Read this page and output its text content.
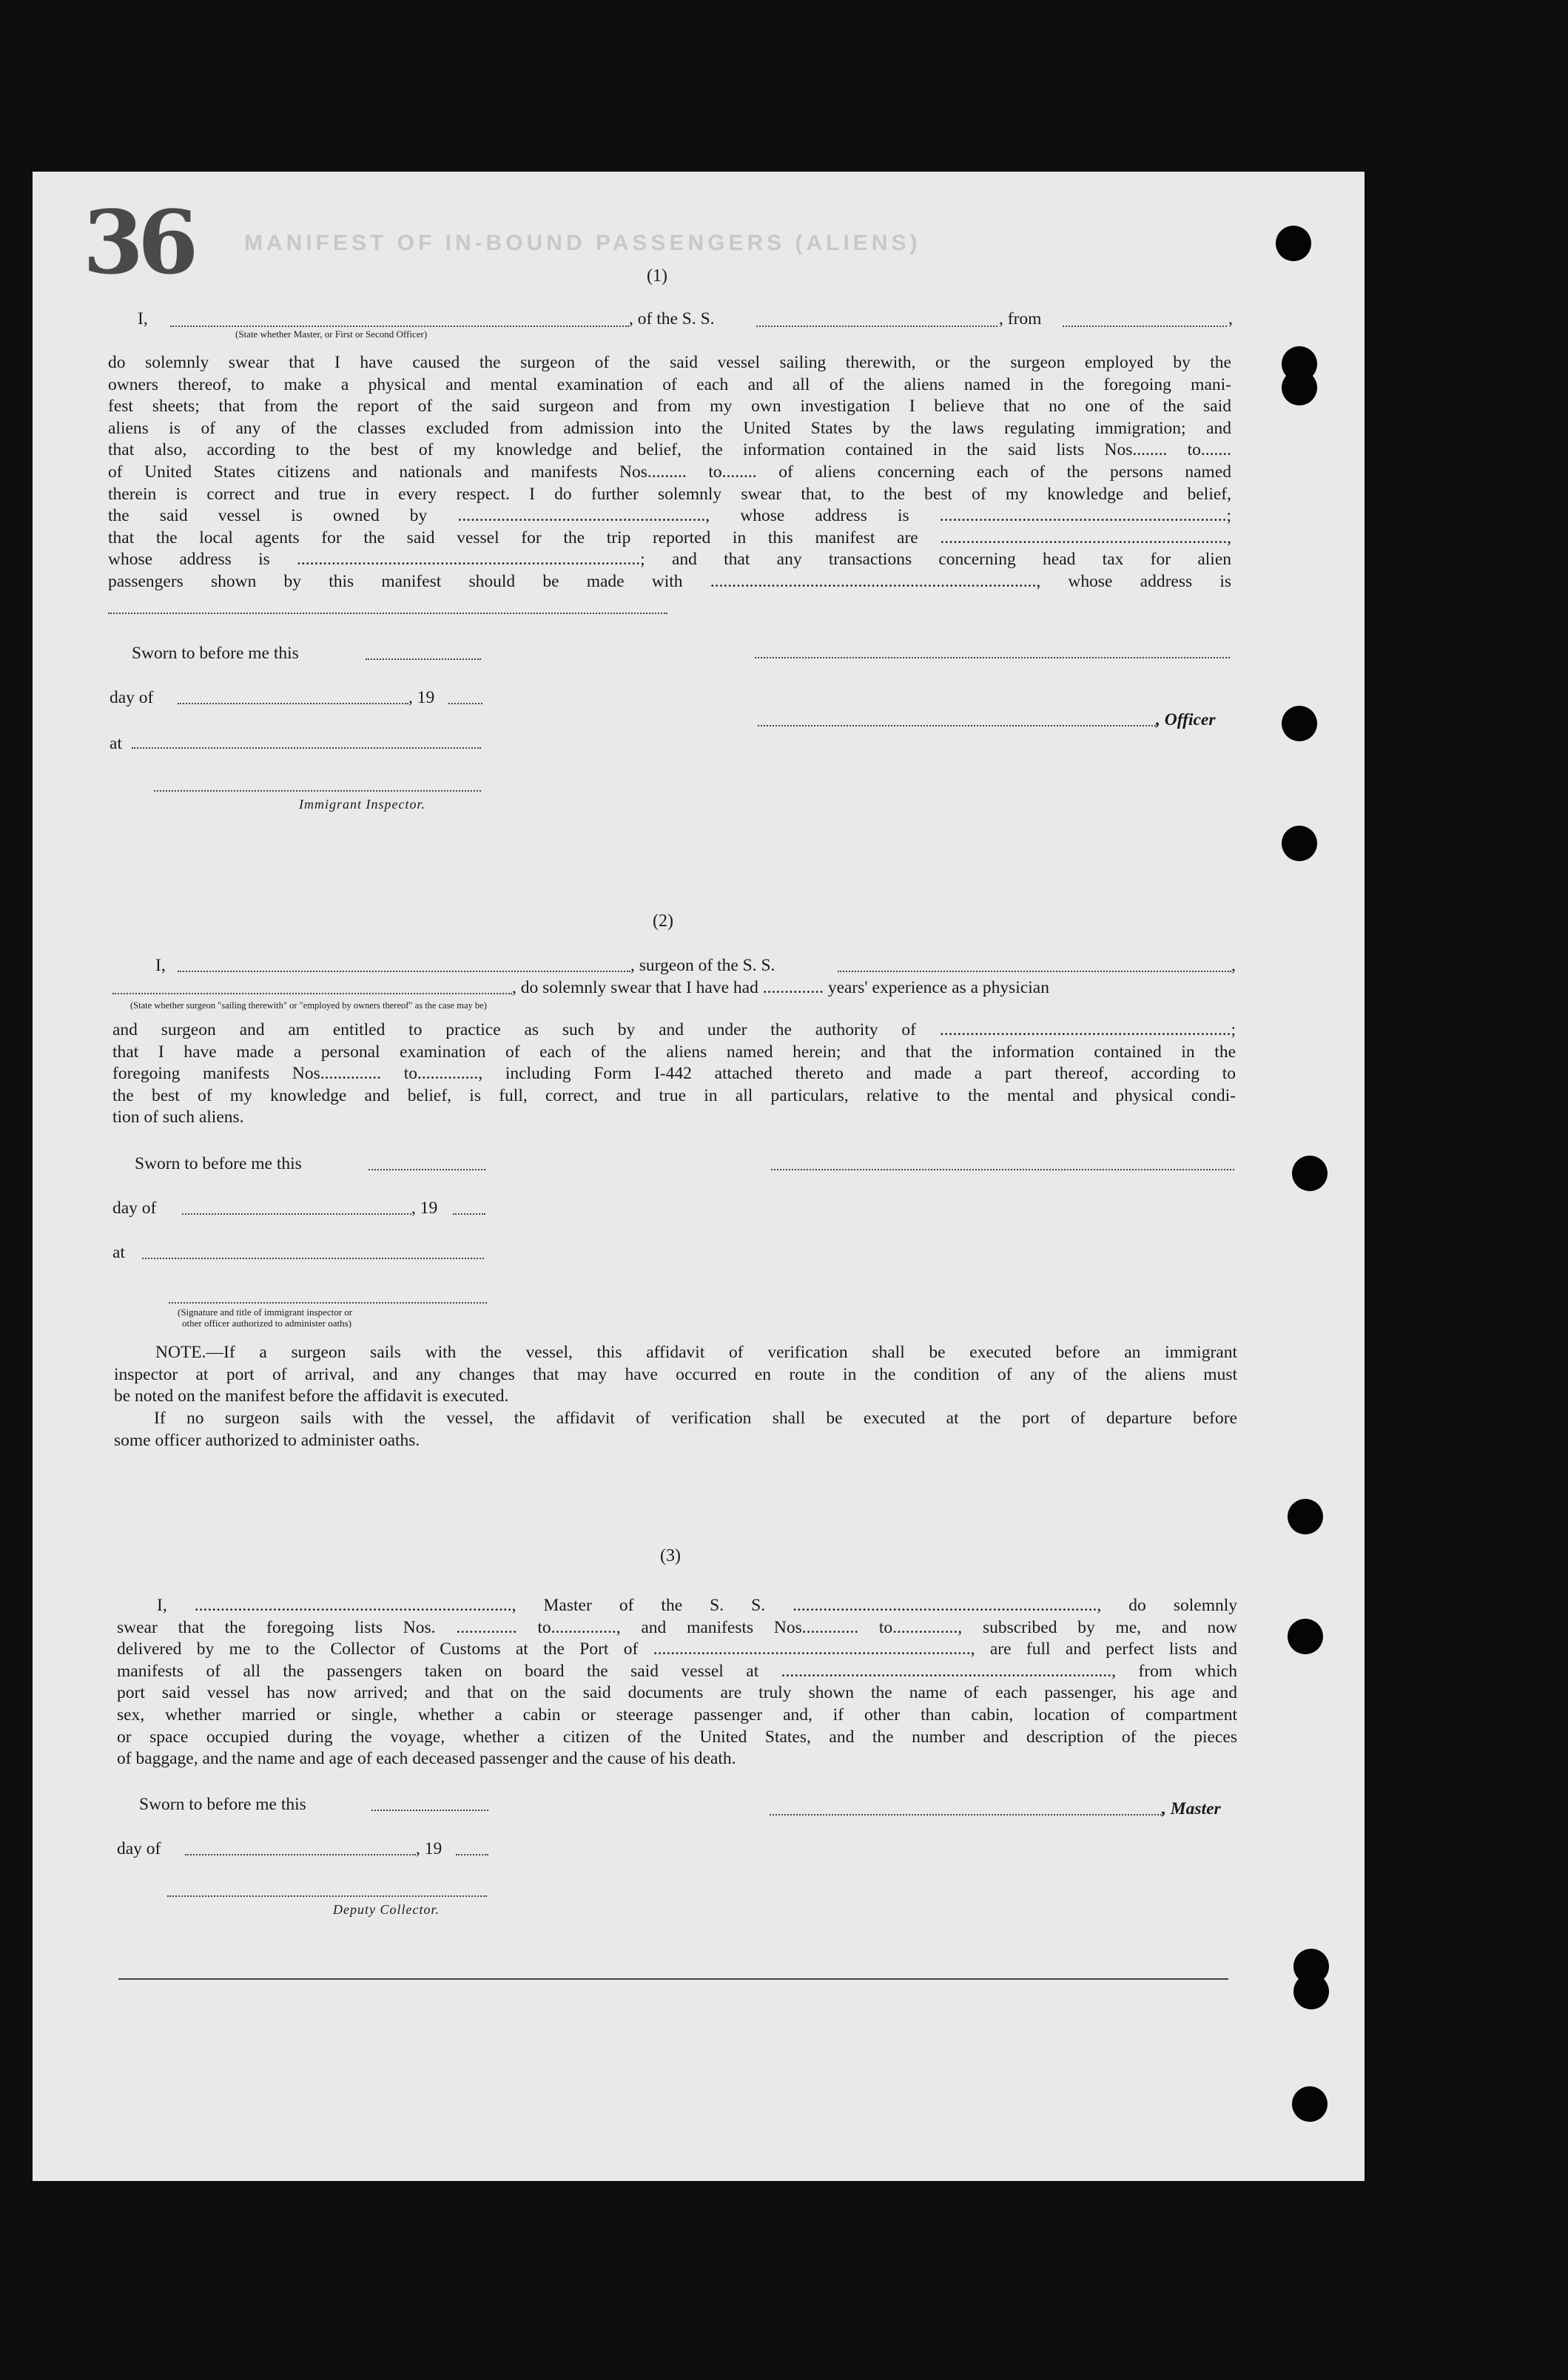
36 MANIFEST OF IN-BOUND PASSENGERS (ALIENS)
(1)
I,	, of the S. S.	, from	,
(State whether Master, or First or Second Officer)
do solemnly swear that I have caused the surgeon of the said vessel sailing therewith, or the surgeon employed by the
owners thereof, to make a physical and mental examination of each and all of the aliens named in the foregoing mani-
fest sheets; that from the report of the said surgeon and from my own investigation I believe that no one of the said
aliens is of any of the classes excluded from admission into the United States by the laws regulating immigration; and
that also, according to the best of my knowledge and belief, the information contained in the said lists Nos........ to.......
of United States citizens and nationals and manifests Nos......... to........ of aliens concerning each of the persons named
therein is correct and true in every respect. I do further solemnly swear that, to the best of my knowledge and belief,
the said vessel is owned by ........................................................., whose address is ..................................................................;
that the local agents for the said vessel for the trip reported in this manifest are ..................................................................,
whose address is ...............................................................................; and that any transactions concerning head tax for alien
passengers shown by this manifest should be made with ..........................................................................., whose address is
Sworn to before me this
day of	, 19
, Officer
at
Immigrant Inspector.
(2)
I,	, surgeon of the S. S.	,
, do solemnly swear that I have had .............. years' experience as a physician
(State whether surgeon "sailing therewith" or "employed by owners thereof" as the case may be)
and surgeon and am entitled to practice as such by and under the authority of ...................................................................;
that I have made a personal examination of each of the aliens named herein; and that the information contained in the
foregoing manifests Nos.............. to.............., including Form I-442 attached thereto and made a part thereof, according to
the best of my knowledge and belief, is full, correct, and true in all particulars, relative to the mental and physical condi-
tion of such aliens.
Sworn to before me this
day of	, 19
at
(Signature and title of immigrant inspector or
other officer authorized to administer oaths)
NOTE.—If a surgeon sails with the vessel, this affidavit of verification shall be executed before an immigrant
inspector at port of arrival, and any changes that may have occurred en route in the condition of any of the aliens must
be noted on the manifest before the affidavit is executed.
If no surgeon sails with the vessel, the affidavit of verification shall be executed at the port of departure before
some officer authorized to administer oaths.
(3)
I, ........................................................................., Master of the S. S. ......................................................................, do solemnly
swear that the foregoing lists Nos. .............. to..............., and manifests Nos............. to..............., subscribed by me, and now
delivered by me to the Collector of Customs at the Port of ........................................................................., are full and perfect lists and
manifests of all the passengers taken on board the said vessel at ............................................................................, from which
port said vessel has now arrived; and that on the said documents are truly shown the name of each passenger, his age and
sex, whether married or single, whether a cabin or steerage passenger and, if other than cabin, location of compartment
or space occupied during the voyage, whether a citizen of the United States, and the number and description of the pieces
of baggage, and the name and age of each deceased passenger and the cause of his death.
Sworn to before me this	, Master
day of	, 19
Deputy Collector.
